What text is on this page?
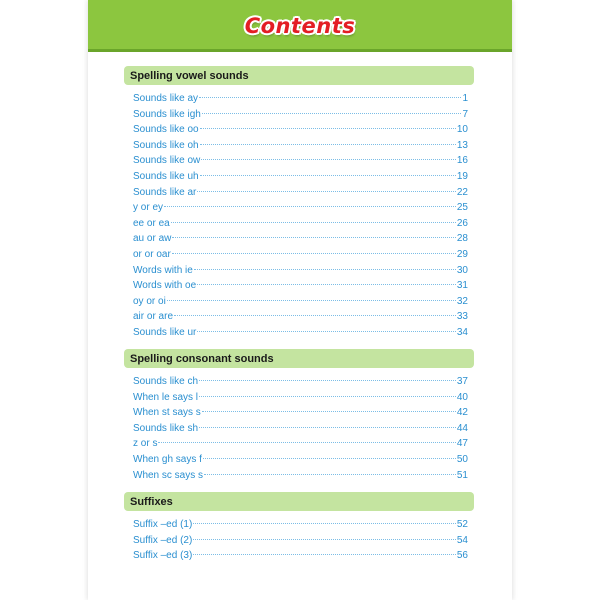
Contents
Spelling vowel sounds
Sounds like ay	1
Sounds like igh	7
Sounds like oo	10
Sounds like oh	13
Sounds like ow	16
Sounds like uh	19
Sounds like ar	22
y or ey	25
ee or ea	26
au or aw	28
or or oar	29
Words with ie	30
Words with oe	31
oy or oi	32
air or are	33
Sounds like ur	34
Spelling consonant sounds
Sounds like ch	37
When le says l	40
When st says s	42
Sounds like sh	44
z or s	47
When gh says f	50
When sc says s	51
Suffixes
Suffix –ed (1)	52
Suffix –ed (2)	54
Suffix –ed (3)	56
